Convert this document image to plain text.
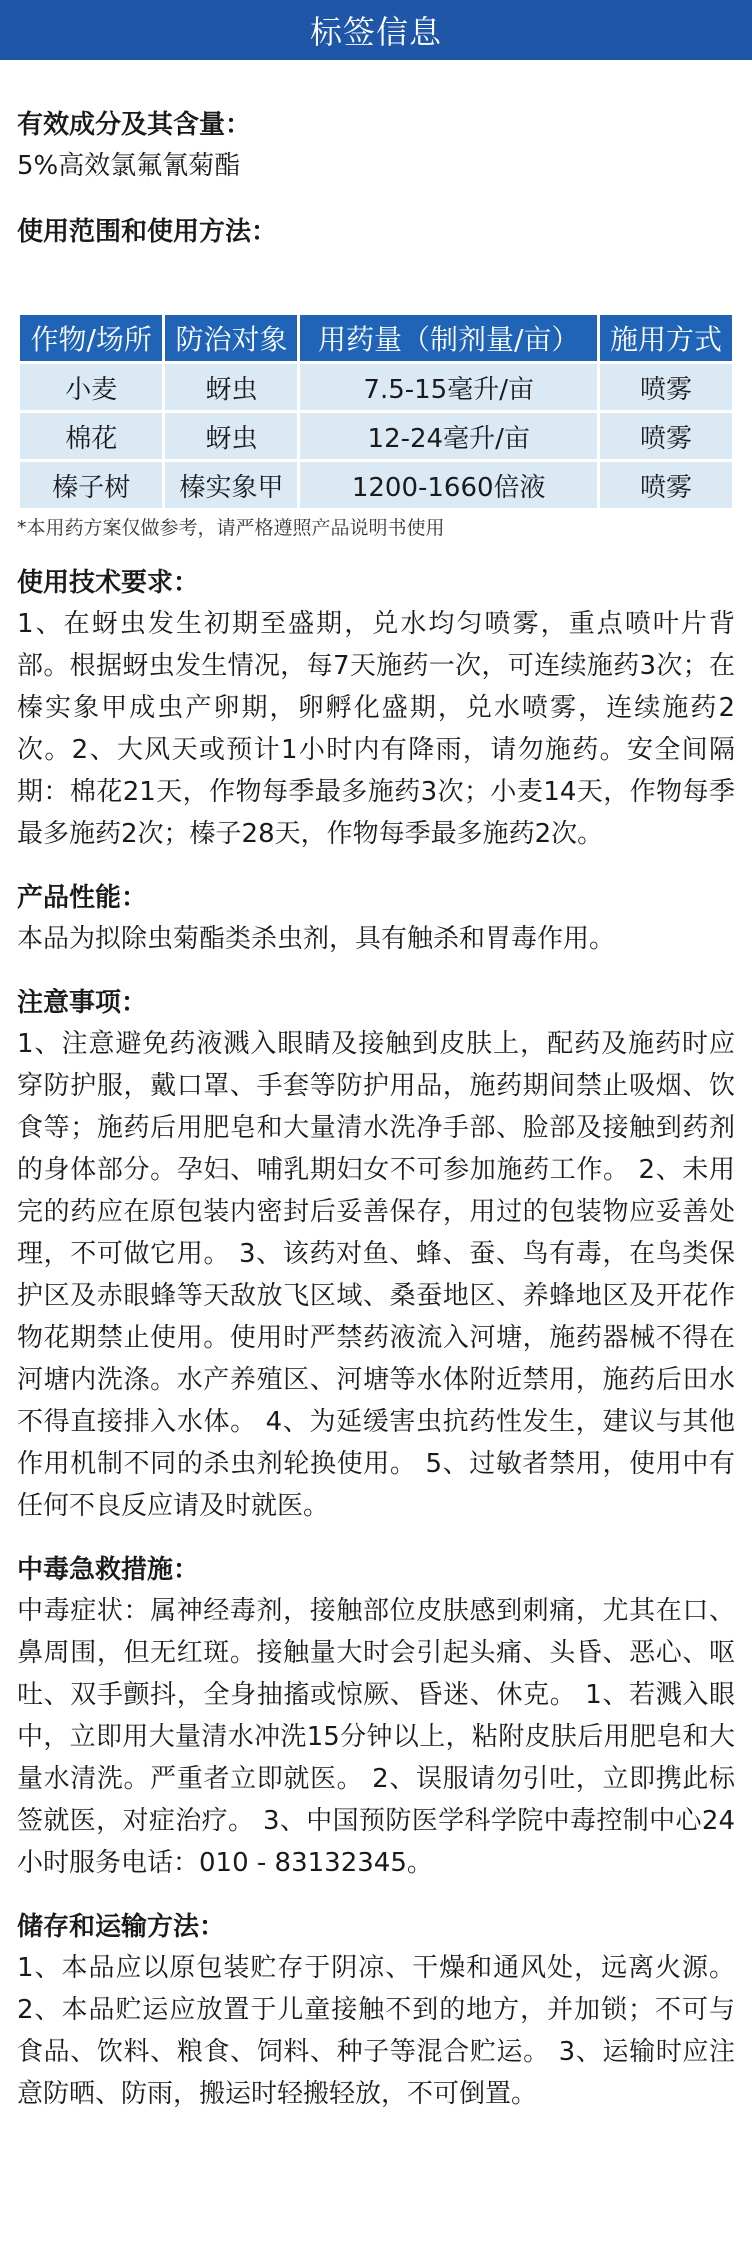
标签信息
有效成分及其含量：

5%高效氯氟氰菊酯

使用范围和使用方法：
作物/场所	防治对象	用药量（制剂量/亩）	施用方式
小麦	蚜虫	7.5-15毫升/亩	喷雾
棉花	蚜虫	12-24毫升/亩	喷雾
榛子树	榛实象甲	1200-1660倍液	喷雾

*本用药方案仅做参考，请严格遵照产品说明书使用

使用技术要求：

1、在蚜虫发生初期至盛期，兑水均匀喷雾，重点喷叶片背部。根据蚜虫发生情况，每7天施药一次，可连续施药3次；在榛实象甲成虫产卵期，卵孵化盛期，兑水喷雾，连续施药2次。2、大风天或预计1小时内有降雨，请勿施药。安全间隔期：棉花21天，作物每季最多施药3次；小麦14天，作物每季最多施药2次；榛子28天，作物每季最多施药2次。

产品性能：

本品为拟除虫菊酯类杀虫剂，具有触杀和胃毒作用。

注意事项：

1、注意避免药液溅入眼睛及接触到皮肤上，配药及施药时应穿防护服，戴口罩、手套等防护用品，施药期间禁止吸烟、饮食等；施药后用肥皂和大量清水洗净手部、脸部及接触到药剂的身体部分。孕妇、哺乳期妇女不可参加施药工作。 2、未用完的药应在原包装内密封后妥善保存，用过的包装物应妥善处理，不可做它用。 3、该药对鱼、蜂、蚕、鸟有毒，在鸟类保护区及赤眼蜂等天敌放飞区域、桑蚕地区、养蜂地区及开花作物花期禁止使用。使用时严禁药液流入河塘，施药器械不得在河塘内洗涤。水产养殖区、河塘等水体附近禁用，施药后田水不得直接排入水体。 4、为延缓害虫抗药性发生，建议与其他作用机制不同的杀虫剂轮换使用。 5、过敏者禁用，使用中有任何不良反应请及时就医。

中毒急救措施：

中毒症状：属神经毒剂，接触部位皮肤感到刺痛，尤其在口、鼻周围，但无红斑。接触量大时会引起头痛、头昏、恶心、呕吐、双手颤抖，全身抽搐或惊厥、昏迷、休克。 1、若溅入眼中，立即用大量清水冲洗15分钟以上，粘附皮肤后用肥皂和大量水清洗。严重者立即就医。 2、误服请勿引吐，立即携此标签就医，对症治疗。 3、中国预防医学科学院中毒控制中心24小时服务电话：010 - 83132345。

储存和运输方法：

1、本品应以原包装贮存于阴凉、干燥和通风处，远离火源。 2、本品贮运应放置于儿童接触不到的地方，并加锁；不可与食品、饮料、粮食、饲料、种子等混合贮运。 3、运输时应注意防晒、防雨，搬运时轻搬轻放，不可倒置。
